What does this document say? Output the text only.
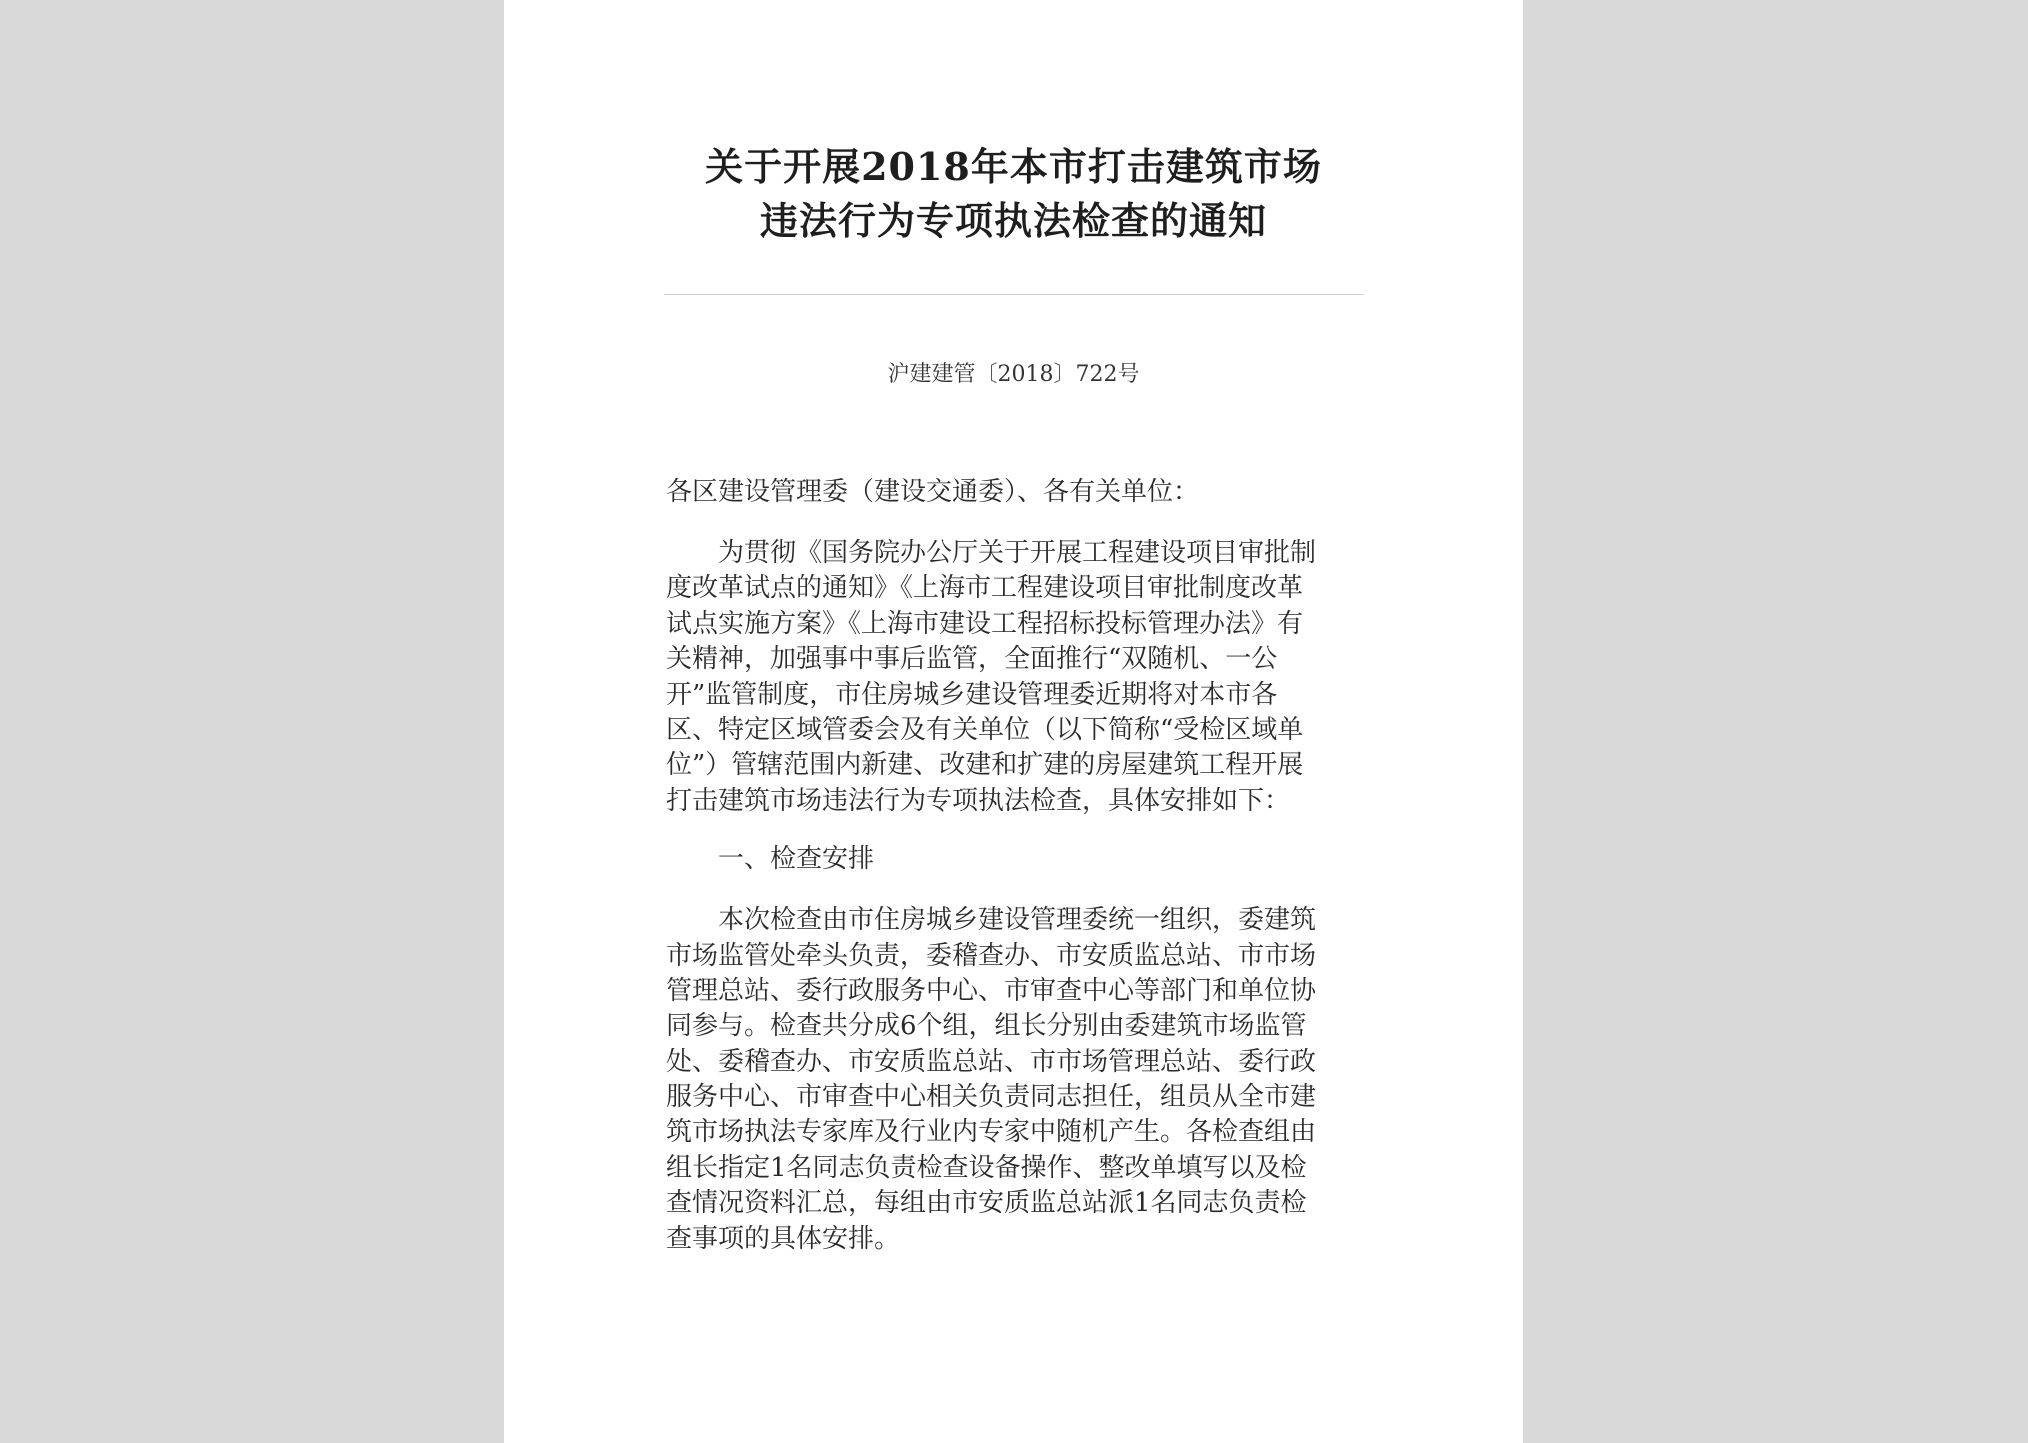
关于开展2018年本市打击建筑市场
违法行为专项执法检查的通知
沪建建管〔2018〕722号

各区建设管理委（建设交通委）、各有关单位：

为贯彻《国务院办公厅关于开展工程建设项目审批制

度改革试点的通知》《上海市工程建设项目审批制度改革

试点实施方案》《上海市建设工程招标投标管理办法》有

关精神，加强事中事后监管，全面推行“双随机、一公

开”监管制度，市住房城乡建设管理委近期将对本市各

区、特定区域管委会及有关单位（以下简称“受检区域单

位”）管辖范围内新建、改建和扩建的房屋建筑工程开展

打击建筑市场违法行为专项执法检查，具体安排如下：

一、检查安排

本次检查由市住房城乡建设管理委统一组织，委建筑

市场监管处牵头负责，委稽查办、市安质监总站、市市场

管理总站、委行政服务中心、市审查中心等部门和单位协

同参与。检查共分成6个组，组长分别由委建筑市场监管

处、委稽查办、市安质监总站、市市场管理总站、委行政

服务中心、市审查中心相关负责同志担任，组员从全市建

筑市场执法专家库及行业内专家中随机产生。各检查组由

组长指定1名同志负责检查设备操作、整改单填写以及检

查情况资料汇总，每组由市安质监总站派1名同志负责检

查事项的具体安排。
